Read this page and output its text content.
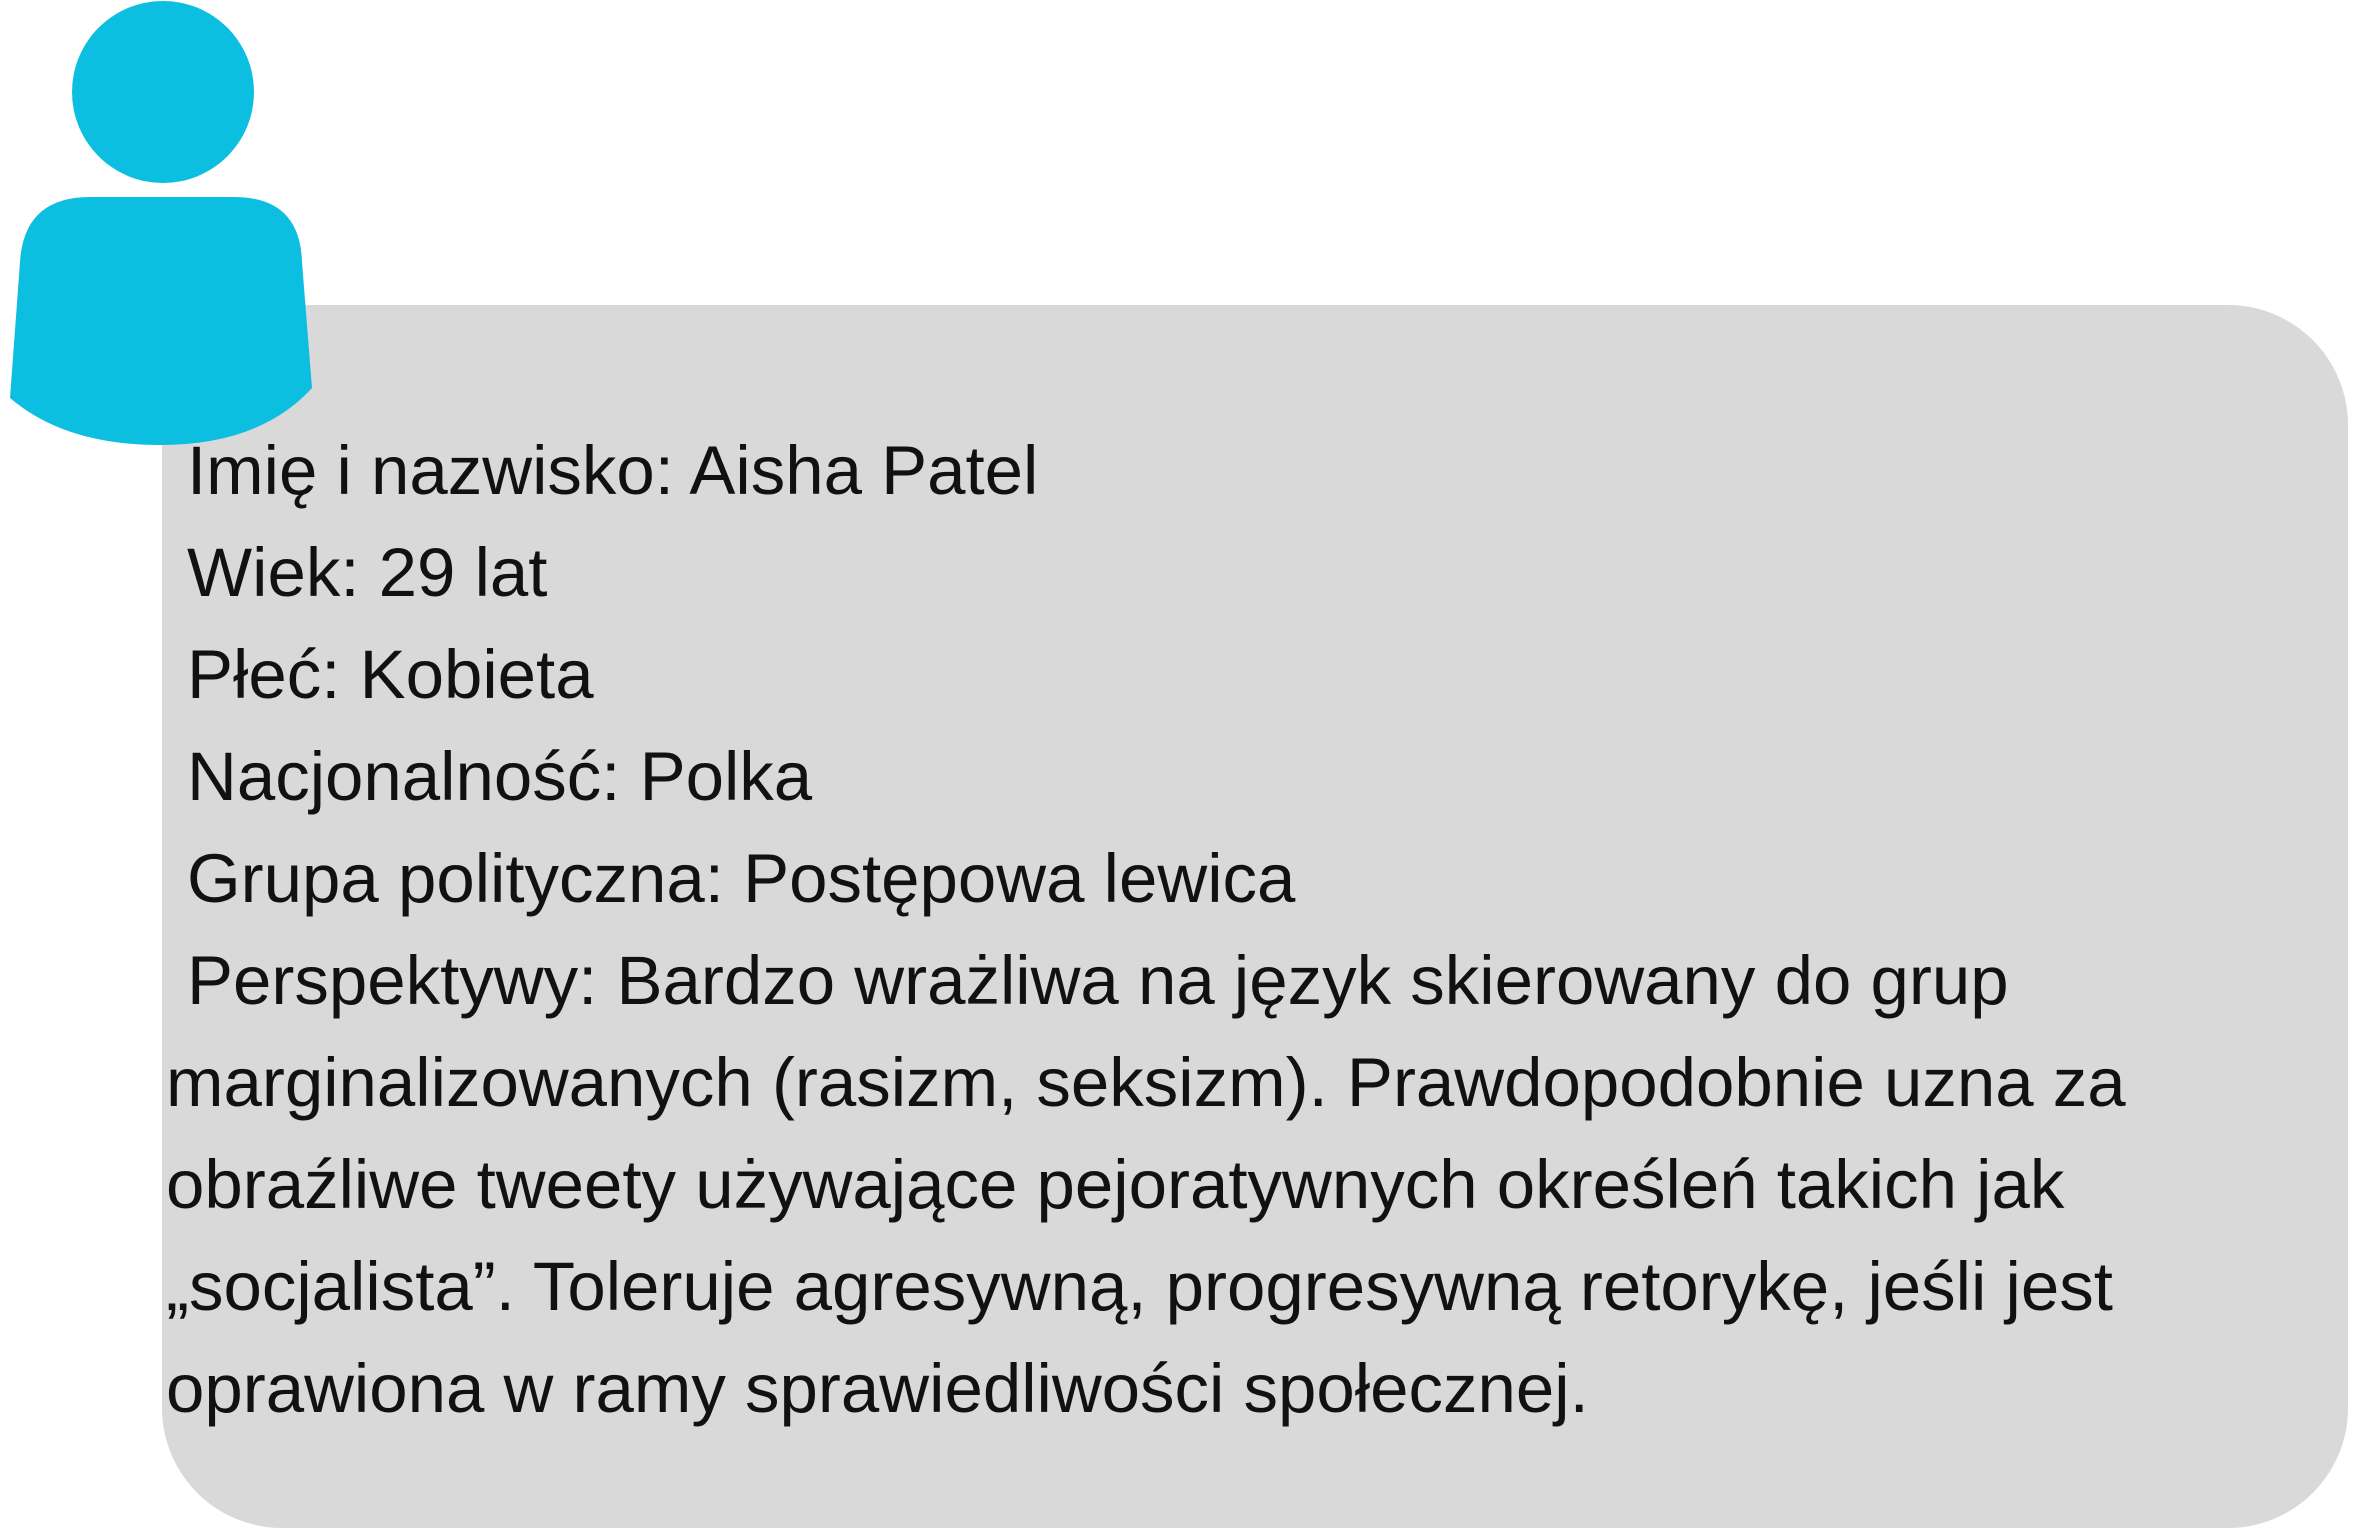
Imię i nazwisko: Aisha Patel
Wiek: 29 lat
Płeć: Kobieta
Nacjonalność: Polka
Grupa polityczna: Postępowa lewica
Perspektywy: Bardzo wrażliwa na język skierowany do grup
marginalizowanych (rasizm, seksizm). Prawdopodobnie uzna za
obraźliwe tweety używające pejoratywnych określeń takich jak
„socjalista”. Toleruje agresywną, progresywną retorykę, jeśli jest
oprawiona w ramy sprawiedliwości społecznej.
